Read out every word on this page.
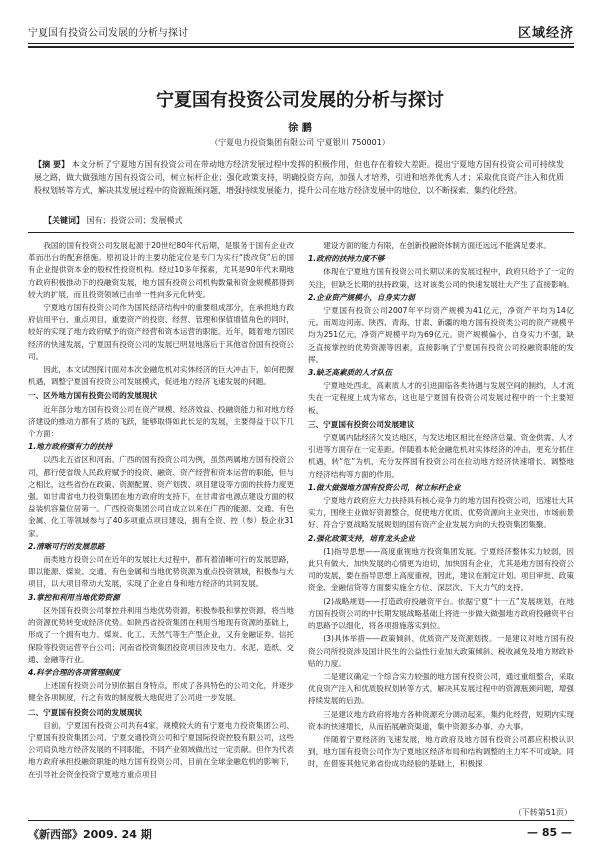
宁夏国有投资公司发展的分析与探讨	区域经济
宁夏国有投资公司发展的分析与探讨
徐 鹏
（宁夏电力投资集团有限公司 宁夏银川 750001）
【摘 要】 本文分析了宁夏地方国有投资公司在带动地方经济发展过程中发挥的积极作用，但也存在着较大差距。提出宁夏地方国有投资公司可持续发展之路，做大做强地方国有投资公司，树立标杆企业；强化政策支持，明确投资方向，加强人才培养，引进和培养优秀人才；采取优良资产注入和优质股权划转等方式，解决其发展过程中的资源瓶颈问题，增强持续发展能力，提升公司在地方经济发展中的地位，以不断探索、集约化经营。
【关键词】 国有；投资公司；发展模式

我国的国有投资公司发展起源于20世纪80年代后期，是服务于国有企业改革而出台的配套措施。原初设计的主要功能定位是专门为实行“拨改贷”后的国有企业提供资本金的股权性投资机构。经过10多年探索，尤其是90年代末期地方政府积极推动下的投融资发展，地方国有投资公司机构数量和资金规模都得到较大的扩展，而且投资领域已由单一性向多元化转变。

宁夏地方国有投资公司作为国民经济结构中的重要组成部分，在承担地方政府信用平台、重点项目、重要资产的投资、经营、管理和保值增值角色的同时，较好的实现了地方政府赋予的资产经营和资本运营的职能。近年，随着地方国民经济的快速发展，宁夏国有投资公司的发展已明显地落后于其他省份国有投资公司。

因此，本文试图探讨面对本次金融危机对实体经济的巨大冲击下，如何把握机遇，调整宁夏国有投资公司发展模式，促进地方经济飞速发展的问题。

一、区外地方国有投资公司的发展现状

近年部分地方国有投资公司在资产规模、经济效益、投融资能力和对地方经济建设的推动力都有了质的飞跃，能够取得如此长足的发展，主要得益于以下几个方面：

1.地方政府强有力的扶持

以西北五省区和河南、广西的国有投资公司为例，虽然两属地方国有投资公司，都行使省级人民政府赋予的投资、融资、资产经营和资本运营的职能，但与之相比，这些省份在政策、资源配置、资产划拨、项目建设等方面的扶持力度更强。如甘肃省电力投资集团在地方政府的支持下，在甘肃省电源点建设方面的权益装机容量位居第一。广西投资集团公司自成立以来在广西的能源、交通、有色金属、化工等领域参与了40多项重点项目建设，拥有全资、控（参）股企业31家。

2.清晰可行的发展思路

而类地方投资公司在近年的发展壮大过程中，都有着清晰可行的发展思路，即以能源、煤炭、交通、有色金属和当地优势资源为重点投资领域，积极参与大项目，以大项目带动大发展，实现了企业自身和地方经济的共同发展。

3.掌控和利用当地优势资源

区外国有投资公司掌控并利用当地优势资源，积极参股和掌控资源，将当地的资源优势转变成经济优势。如陕西省投资集团在利用当地现有资源的基础上，形成了一个拥有电力、煤炭、化工、天然气等生产型企业，又有金融证券、信托保险等投资运营平台公司；河南省投资集团投资项目涉及电力、水泥、造纸、交通、金融等行业。

4.科学合理的各项管理制度

上述国有投资公司分别依据自身特点，形成了各具特色的公司文化，并逐步健全各项制度，行之有效的制度极大地促进了公司进一步发展。

二、宁夏国有投资公司的发展现状

目前，宁夏国有投资公司共有4家，规模较大的有宁夏电力投资集团公司、宁夏国有投资集团公司、宁夏交通投资公司和宁夏国际投资控股有限公司，这些公司肩负地方经济发展的不同职能，不同产业领域做出过一定贡献。但作为代表地方政府承担投融资职能的地方国有投资公司，目前在全球金融危机的影响下，在引导社会资金投资宁夏地方重点项目

建设方面的能力有限，在创新投融资体制方面还远远不能满足要求。

1.政府的扶持力度不够

体现在宁夏地方国有投资公司长期以来的发展过程中，政府只给予了一定的关注，但缺乏长期的扶持政策，这对该类公司的快速发展壮大产生了直接影响。

2.企业资产规模小，自身实力弱

宁夏国有投资公司2007年平均资产规模为41亿元，净资产平均为14亿元。而周边河南、陕西、青海、甘肃、新疆的地方国有投资类公司的资产规模平均为251亿元，净资产规模平均为69亿元。资产规模偏小，自身实力不强，缺乏直接掌控的优势资源等因素，直接影响了宁夏国有投资公司投融资职能的发挥。

3.缺乏高素质的人才队伍

宁夏地处西北，高素质人才的引进面临各类待遇与发展空间的制约，人才流失在一定程度上成为常态，这也是宁夏国有投资公司发展过程中的一个主要短板。

三、宁夏国有投资公司发展建议

宁夏属内陆经济欠发达地区，与发达地区相比在经济总量、资金供需、人才引进等方面存在一定差距。伴随着本轮金融危机对实体经济的冲击，更充分抓住机遇，转“危”为机，充分发挥国有投资公司在拉动地方经济快速增长、调整地方经济结构等方面的作用。

1.做大做强地方国有投资公司，树立标杆企业

宁夏地方政府应大力扶持具有核心竞争力的地方国有投资公司，迅速壮大其实力，围绕主业做好资源整合，促使地方优质、优势资源向主业突出、市场前景好、符合宁夏战略发展规划的国有资产企业发展方向的大投资集团集聚。

2.强化政策支持，培育龙头企业

(1)指导思想——高度重视地方投资集团发展。宁夏经济整体实力较弱，因此只有做大、加快发展的心情更为迫切，加快国有企业，尤其是地方国有投资公司的发展，要在指导思想上高度重视，因此，建议在制定计划、项目审批、政策资金、金融信贷等方面要实施全方位、深层次、下大力气的支持。

(2)战略规划——打造政府投融资平台。依据宁夏“十一五”发展规划，在地方国有投资公司的中长期发展战略基础上将进一步做大做强地方政府投融资平台的思路予以细化，将各项措施落实到位。

(3)具体举措——政策倾斜、优质资产及资源划拨。一是建议对地方国有投资公司所投资涉及国计民生的公益性行业加大政策倾斜、税收减免及地方财政补贴的力度。

二是建议确定一个综合实力较强的地方国有投资公司，通过重组整合，采取优良资产注入和优质股权划转等方式，解决其发展过程中的资源瓶颈问题，增强持续发展的后劲。

三是建议地方政府将地方各种资源充分调动起来，集约化经营，短期内实现资本的快速增长，从而拓展融资渠道，集中资源多办事、办大事。

伴随着宁夏经济的飞速发展，地方政府及地方国有投资公司都应积极认识到，地方国有投资公司作为宁夏地区经济布局和结构调整的主力军不可或缺。同时，在借鉴其他兄弟省份成功经验的基础上，积极探

（下转第51页）
《新西部》2009. 24 期	— 85 —
